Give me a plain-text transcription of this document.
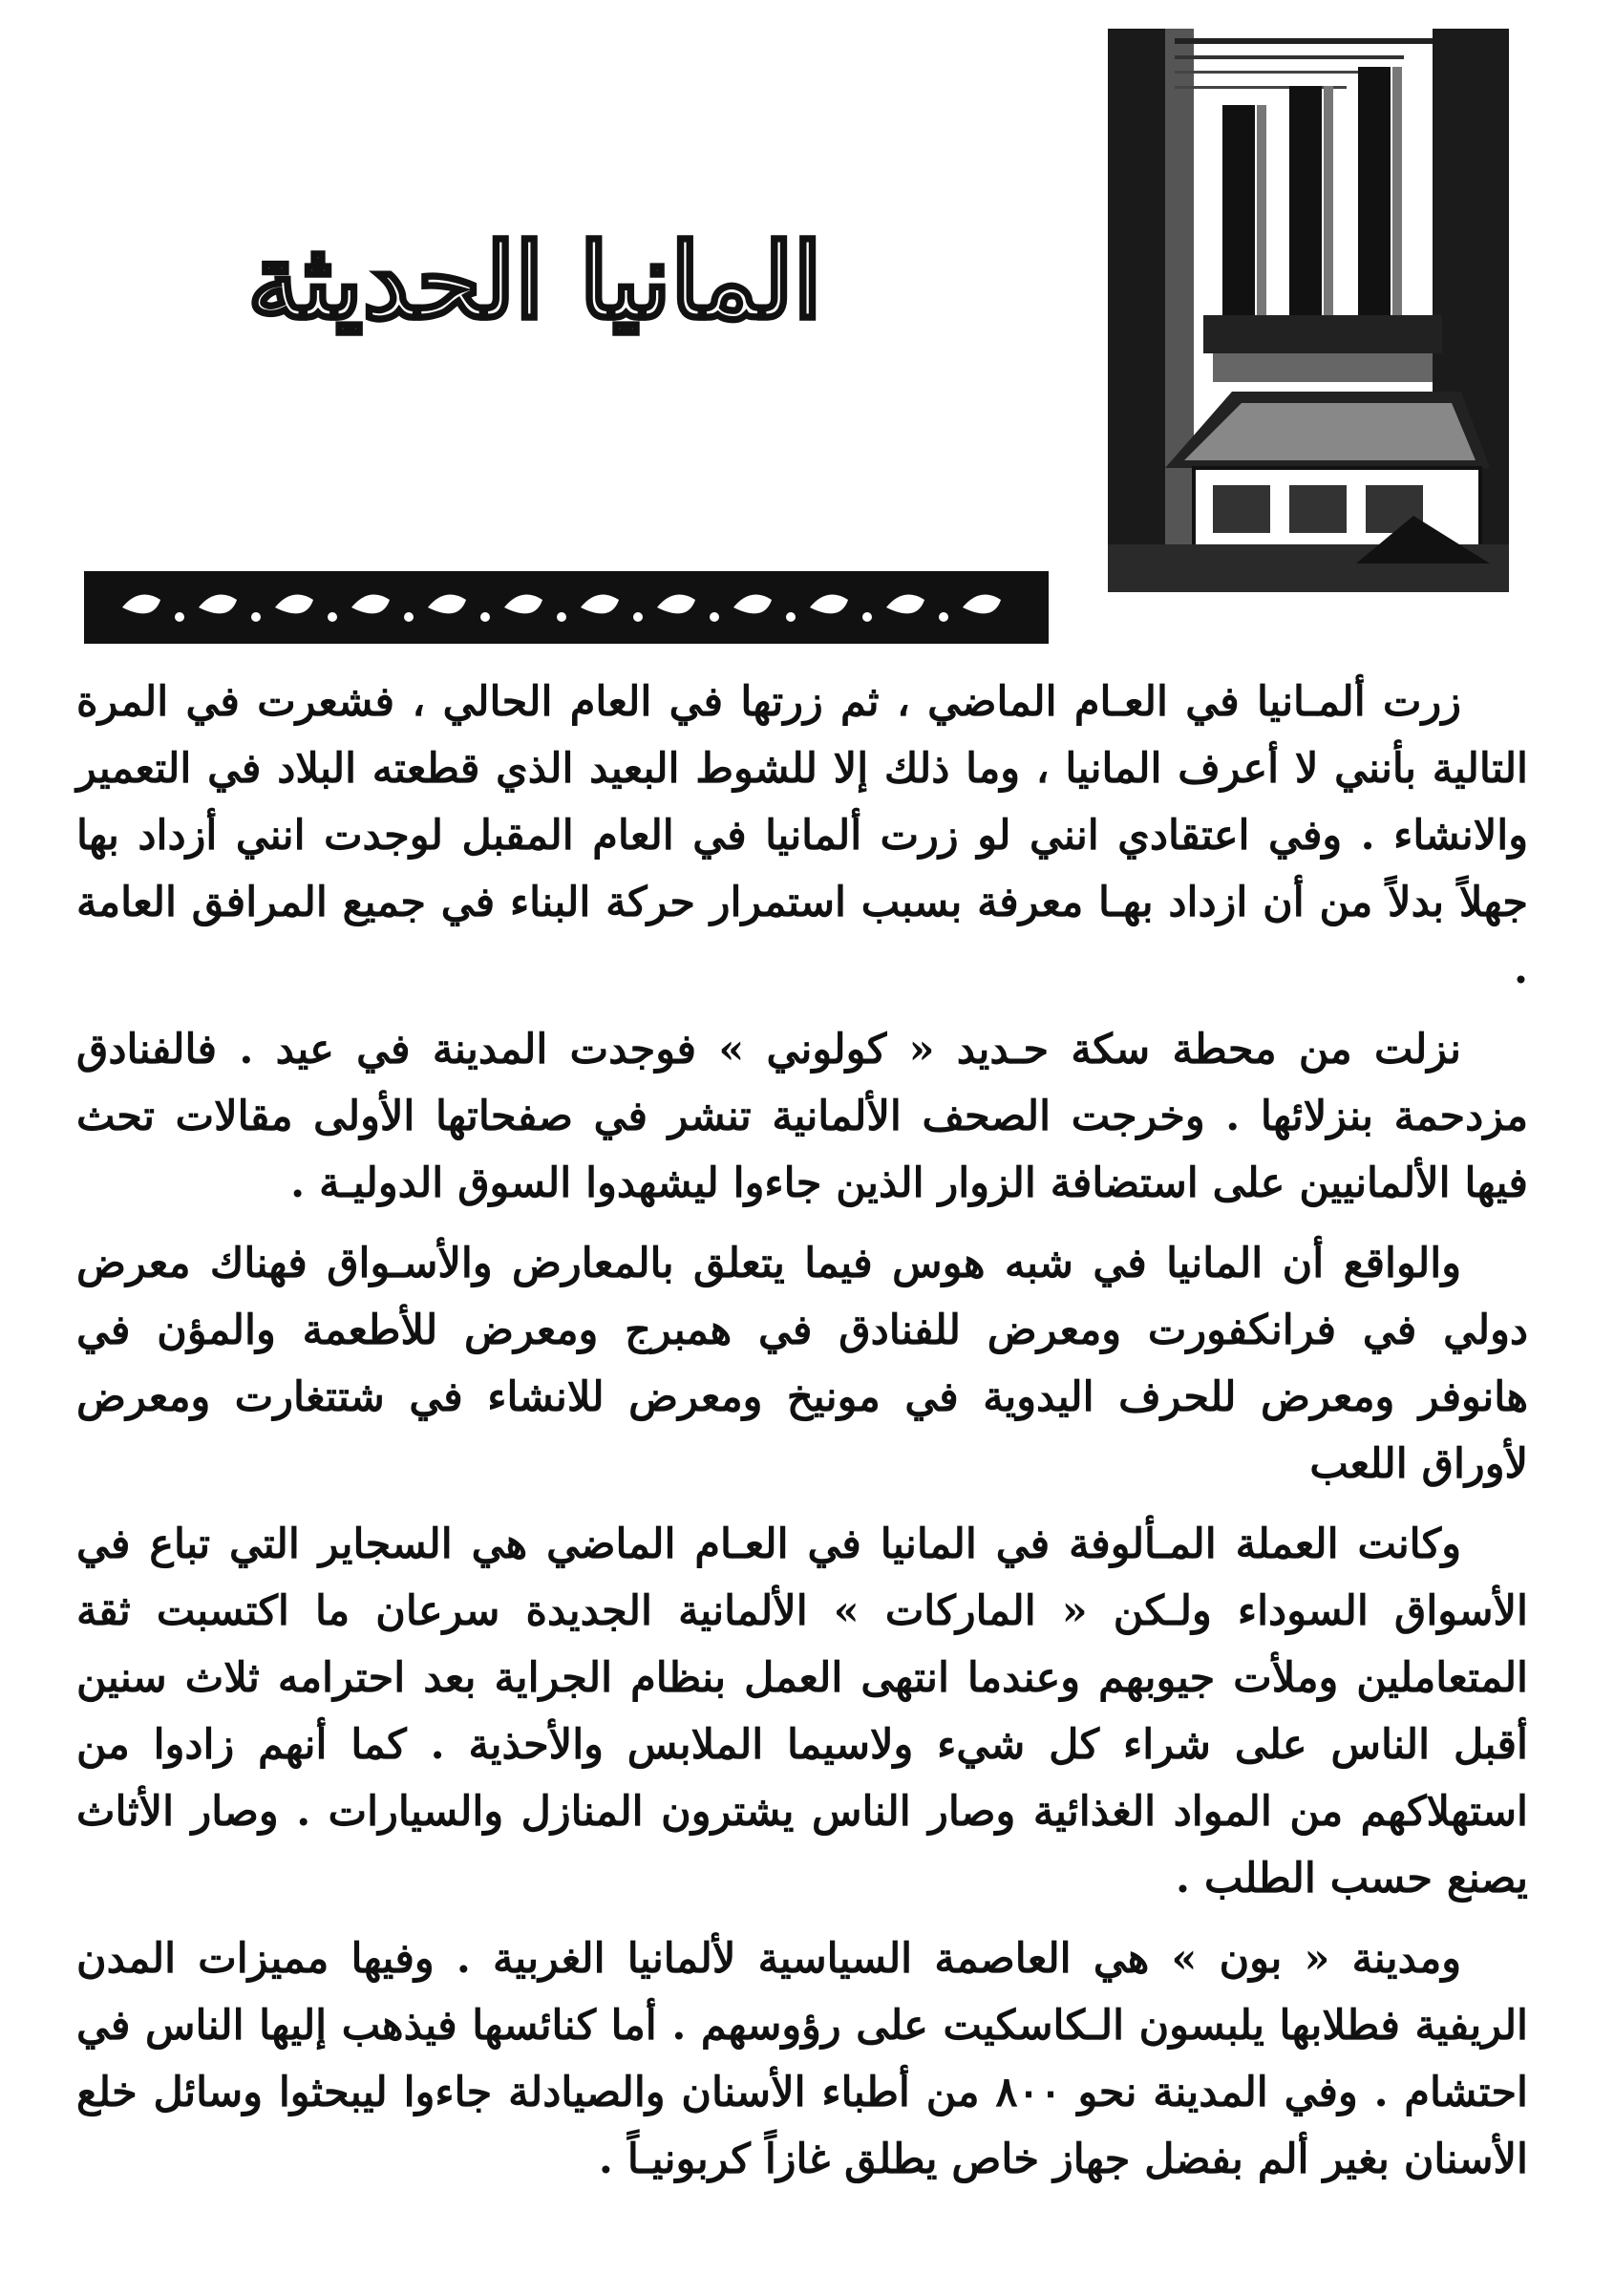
المانيا الحديثة

زرت ألمـانيا في العـام الماضي ، ثم زرتها في العام الحالي ، فشعرت في المرة التالية بأنني لا أعرف المانيا ، وما ذلك إلا للشوط البعيد الذي قطعته البلاد في التعمير والانشاء . وفي اعتقادي انني لو زرت ألمانيا في العام المقبل لوجدت انني أزداد بها جهلاً بدلاً من أن ازداد بهـا معرفة بسبب استمرار حركة البناء في جميع المرافق العامة .

نزلت من محطة سكة حـديد « كولوني » فوجدت المدينة في عيد . فالفنادق مزدحمة بنزلائها . وخرجت الصحف الألمانية تنشر في صفحاتها الأولى مقالات تحث فيها الألمانيين على استضافة الزوار الذين جاءوا ليشهدوا السوق الدوليـة .

والواقع أن المانيا في شبه هوس فيما يتعلق بالمعارض والأسـواق فهناك معرض دولي في فرانكفورت ومعرض للفنادق في همبرج ومعرض للأطعمة والمؤن في هانوفر ومعرض للحرف اليدوية في مونيخ ومعرض للانشاء في شتتغارت ومعرض لأوراق اللعب

وكانت العملة المـألوفة في المانيا في العـام الماضي هي السجاير التي تباع في الأسواق السوداء ولـكن « الماركات » الألمانية الجديدة سرعان ما اكتسبت ثقة المتعاملين وملأت جيوبهم وعندما انتهى العمل بنظام الجراية بعد احترامه ثلاث سنين أقبل الناس على شراء كل شيء ولاسيما الملابس والأحذية . كما أنهم زادوا من استهلاكهم من المواد الغذائية وصار الناس يشترون المنازل والسيارات . وصار الأثاث يصنع حسب الطلب .

ومدينة « بون » هي العاصمة السياسية لألمانيا الغربية . وفيها مميزات المدن الريفية فطلابها يلبسون الـكاسكيت على رؤوسهم . أما كنائسها فيذهب إليها الناس في احتشام . وفي المدينة نحو ٨٠٠ من أطباء الأسنان والصيادلة جاءوا ليبحثوا وسائل خلع الأسنان بغير ألم بفضل جهاز خاص يطلق غازاً كربونيـاً .
